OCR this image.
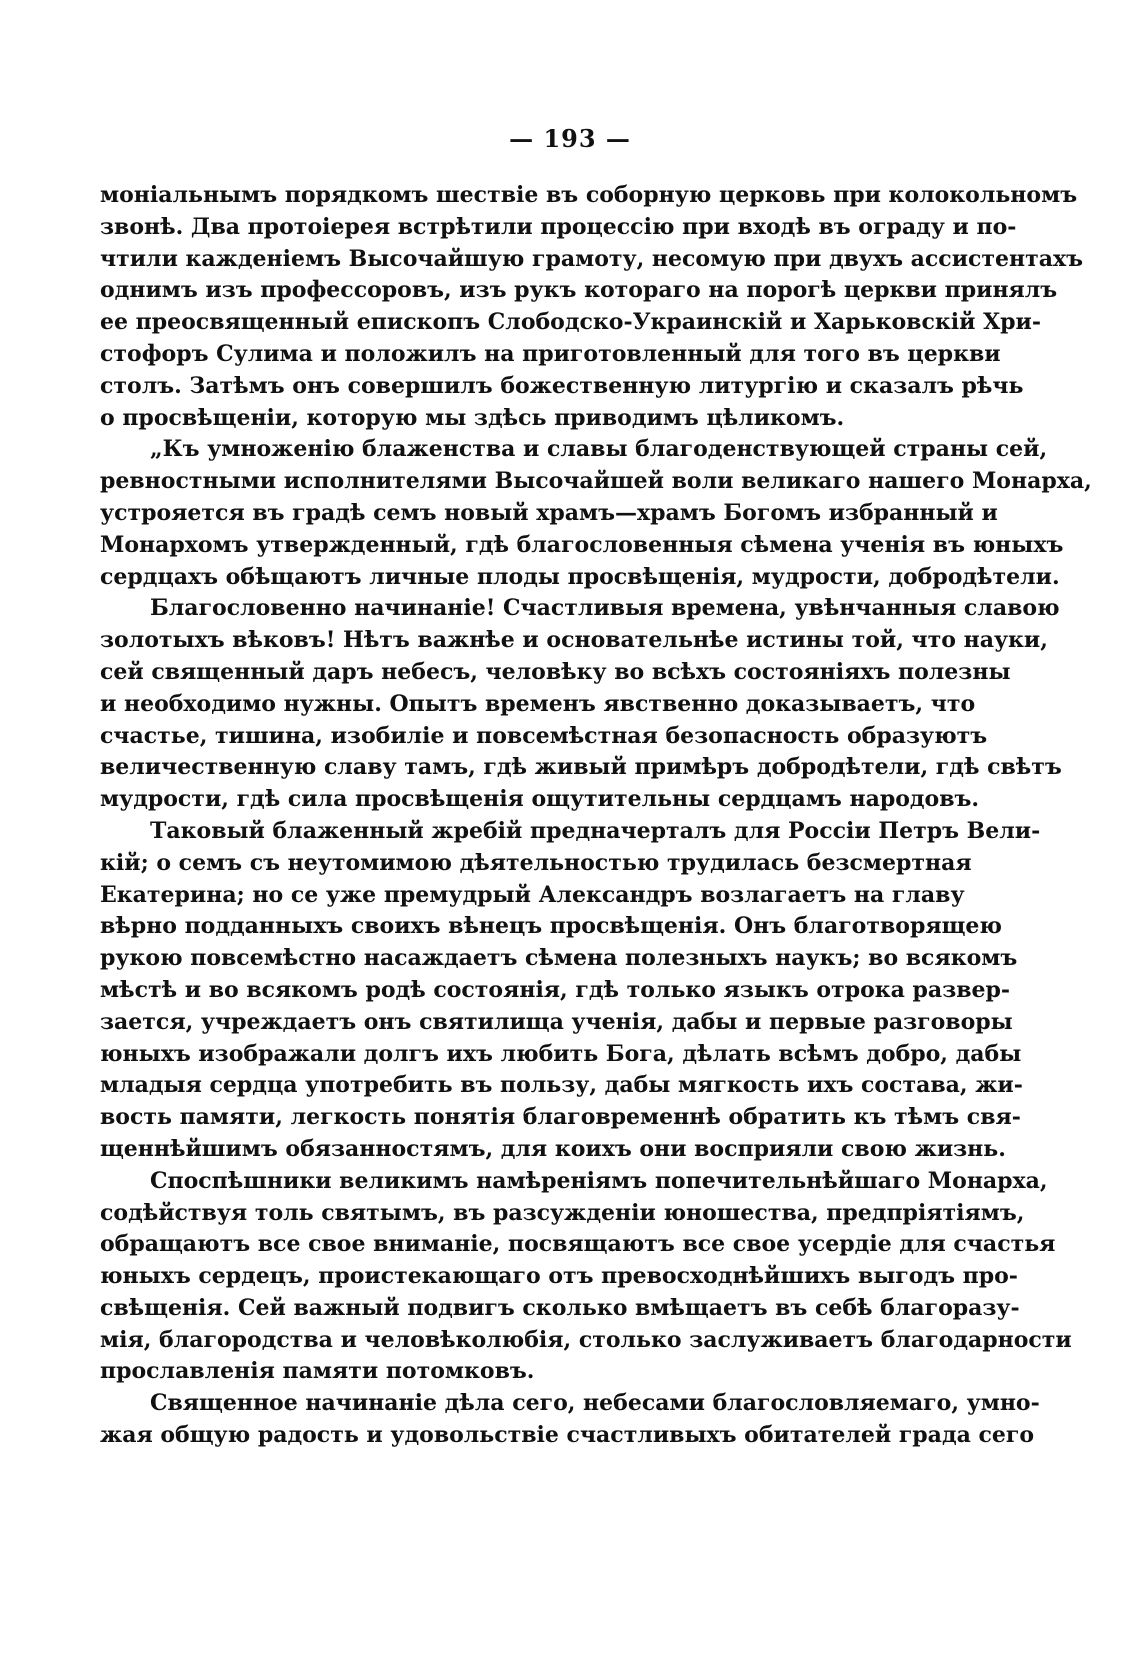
— 193 —
моніальнымъ порядкомъ шествіе въ соборную церковь при колокольномъ
звонѣ. Два протоіерея встрѣтили процессію при входѣ въ ограду и по-
чтили кажденіемъ Высочайшую грамоту, несомую при двухъ ассистентахъ
однимъ изъ профессоровъ, изъ рукъ котораго на порогѣ церкви принялъ
ее преосвященный епископъ Слободско-Украинскій и Харьковскій Хри-
стофоръ Сулима и положилъ на приготовленный для того въ церкви
столъ. Затѣмъ онъ совершилъ божественную литургію и сказалъ рѣчь
о просвѣщеніи, которую мы здѣсь приводимъ цѣликомъ.
„Къ умноженію блаженства и славы благоденствующей страны сей,
ревностными исполнителями Высочайшей воли великаго нашего Монарха,
устрояется въ градѣ семъ новый храмъ—храмъ Богомъ избранный и
Монархомъ утвержденный, гдѣ благословенныя сѣмена ученія въ юныхъ
сердцахъ обѣщаютъ личные плоды просвѣщенія, мудрости, добродѣтели.
Благословенно начинаніе! Счастливыя времена, увѣнчанныя славою
золотыхъ вѣковъ! Нѣтъ важнѣе и основательнѣе истины той, что науки,
сей священный даръ небесъ, человѣку во всѣхъ состояніяхъ полезны
и необходимо нужны. Опытъ временъ явственно доказываетъ, что
счастье, тишина, изобиліе и повсемѣстная безопасность образуютъ
величественную славу тамъ, гдѣ живый примѣръ добродѣтели, гдѣ свѣтъ
мудрости, гдѣ сила просвѣщенія ощутительны сердцамъ народовъ.
Таковый блаженный жребій предначерталъ для Россіи Петръ Вели-
кій; о семъ съ неутомимою дѣятельностью трудилась безсмертная
Екатерина; но се уже премудрый Александръ возлагаетъ на главу
вѣрно подданныхъ своихъ вѣнецъ просвѣщенія. Онъ благотворящею
рукою повсемѣстно насаждаетъ сѣмена полезныхъ наукъ; во всякомъ
мѣстѣ и во всякомъ родѣ состоянія, гдѣ только языкъ отрока развер-
зается, учреждаетъ онъ святилища ученія, дабы и первые разговоры
юныхъ изображали долгъ ихъ любить Бога, дѣлать всѣмъ добро, дабы
младыя сердца употребить въ пользу, дабы мягкость ихъ состава, жи-
вость памяти, легкость понятія благовременнѣ обратить къ тѣмъ свя-
щеннѣйшимъ обязанностямъ, для коихъ они восприяли свою жизнь.
Споспѣшники великимъ намѣреніямъ попечительнѣйшаго Монарха,
содѣйствуя толь святымъ, въ разсужденіи юношества, предпріятіямъ,
обращаютъ все свое вниманіе, посвящаютъ все свое усердіе для счастья
юныхъ сердецъ, проистекающаго отъ превосходнѣйшихъ выгодъ про-
свѣщенія. Сей важный подвигъ сколько вмѣщаетъ въ себѣ благоразу-
мія, благородства и человѣколюбія, столько заслуживаетъ благодарности
прославленія памяти потомковъ.
Священное начинаніе дѣла сего, небесами благословляемаго, умно-
жая общую радость и удовольствіе счастливыхъ обитателей града сего
